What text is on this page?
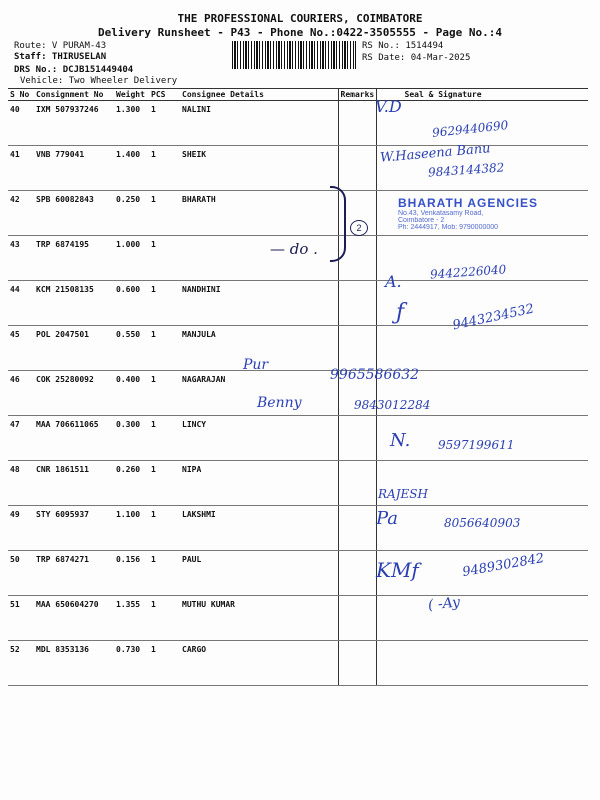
THE PROFESSIONAL COURIERS, COIMBATORE
Delivery Runsheet - P43 - Phone No.:0422-3505555 - Page No.:4
Route: V PURAM-43
Staff: THIRUSELAN
DRS No.: DCJB151449404
Vehicle: Two Wheeler Delivery
RS No.: 1514494
RS Date: 04-Mar-2025
S No	Consignment No	Weight	PCS	Consignee Details	Remarks	Seal & Signature
40	IXM 507937246	1.300	1	NALINI		
41	VNB 779041	1.400	1	SHEIK		
42	SPB 60082843	0.250	1	BHARATH		
43	TRP 6874195	1.000	1			
44	KCM 21508135	0.600	1	NANDHINI		
45	POL 2047501	0.550	1	MANJULA		
46	COK 25280092	0.400	1	NAGARAJAN		
47	MAA 706611065	0.300	1	LINCY		
48	CNR 1861511	0.260	1	NIPA		
49	STY 6095937	1.100	1	LAKSHMI		
50	TRP 6874271	0.156	1	PAUL		
51	MAA 650604270	1.355	1	MUTHU KUMAR		
52	MDL 8353136	0.730	1	CARGO		
V.D
9629440690
W.Haseena Banu
9843144382
2
— do .
BHARATH AGENCIES
No.43, Venkatasamy Road,
Coimbatore - 2
Ph: 2444917, Mob: 9790000000
A. 9442226040
ƒ	9443234532
Pur
9965586632
Benny	9843012284
N. 9597199611
RAJESH
Pa	8056640903
KMf	9489302842
( -Ay
